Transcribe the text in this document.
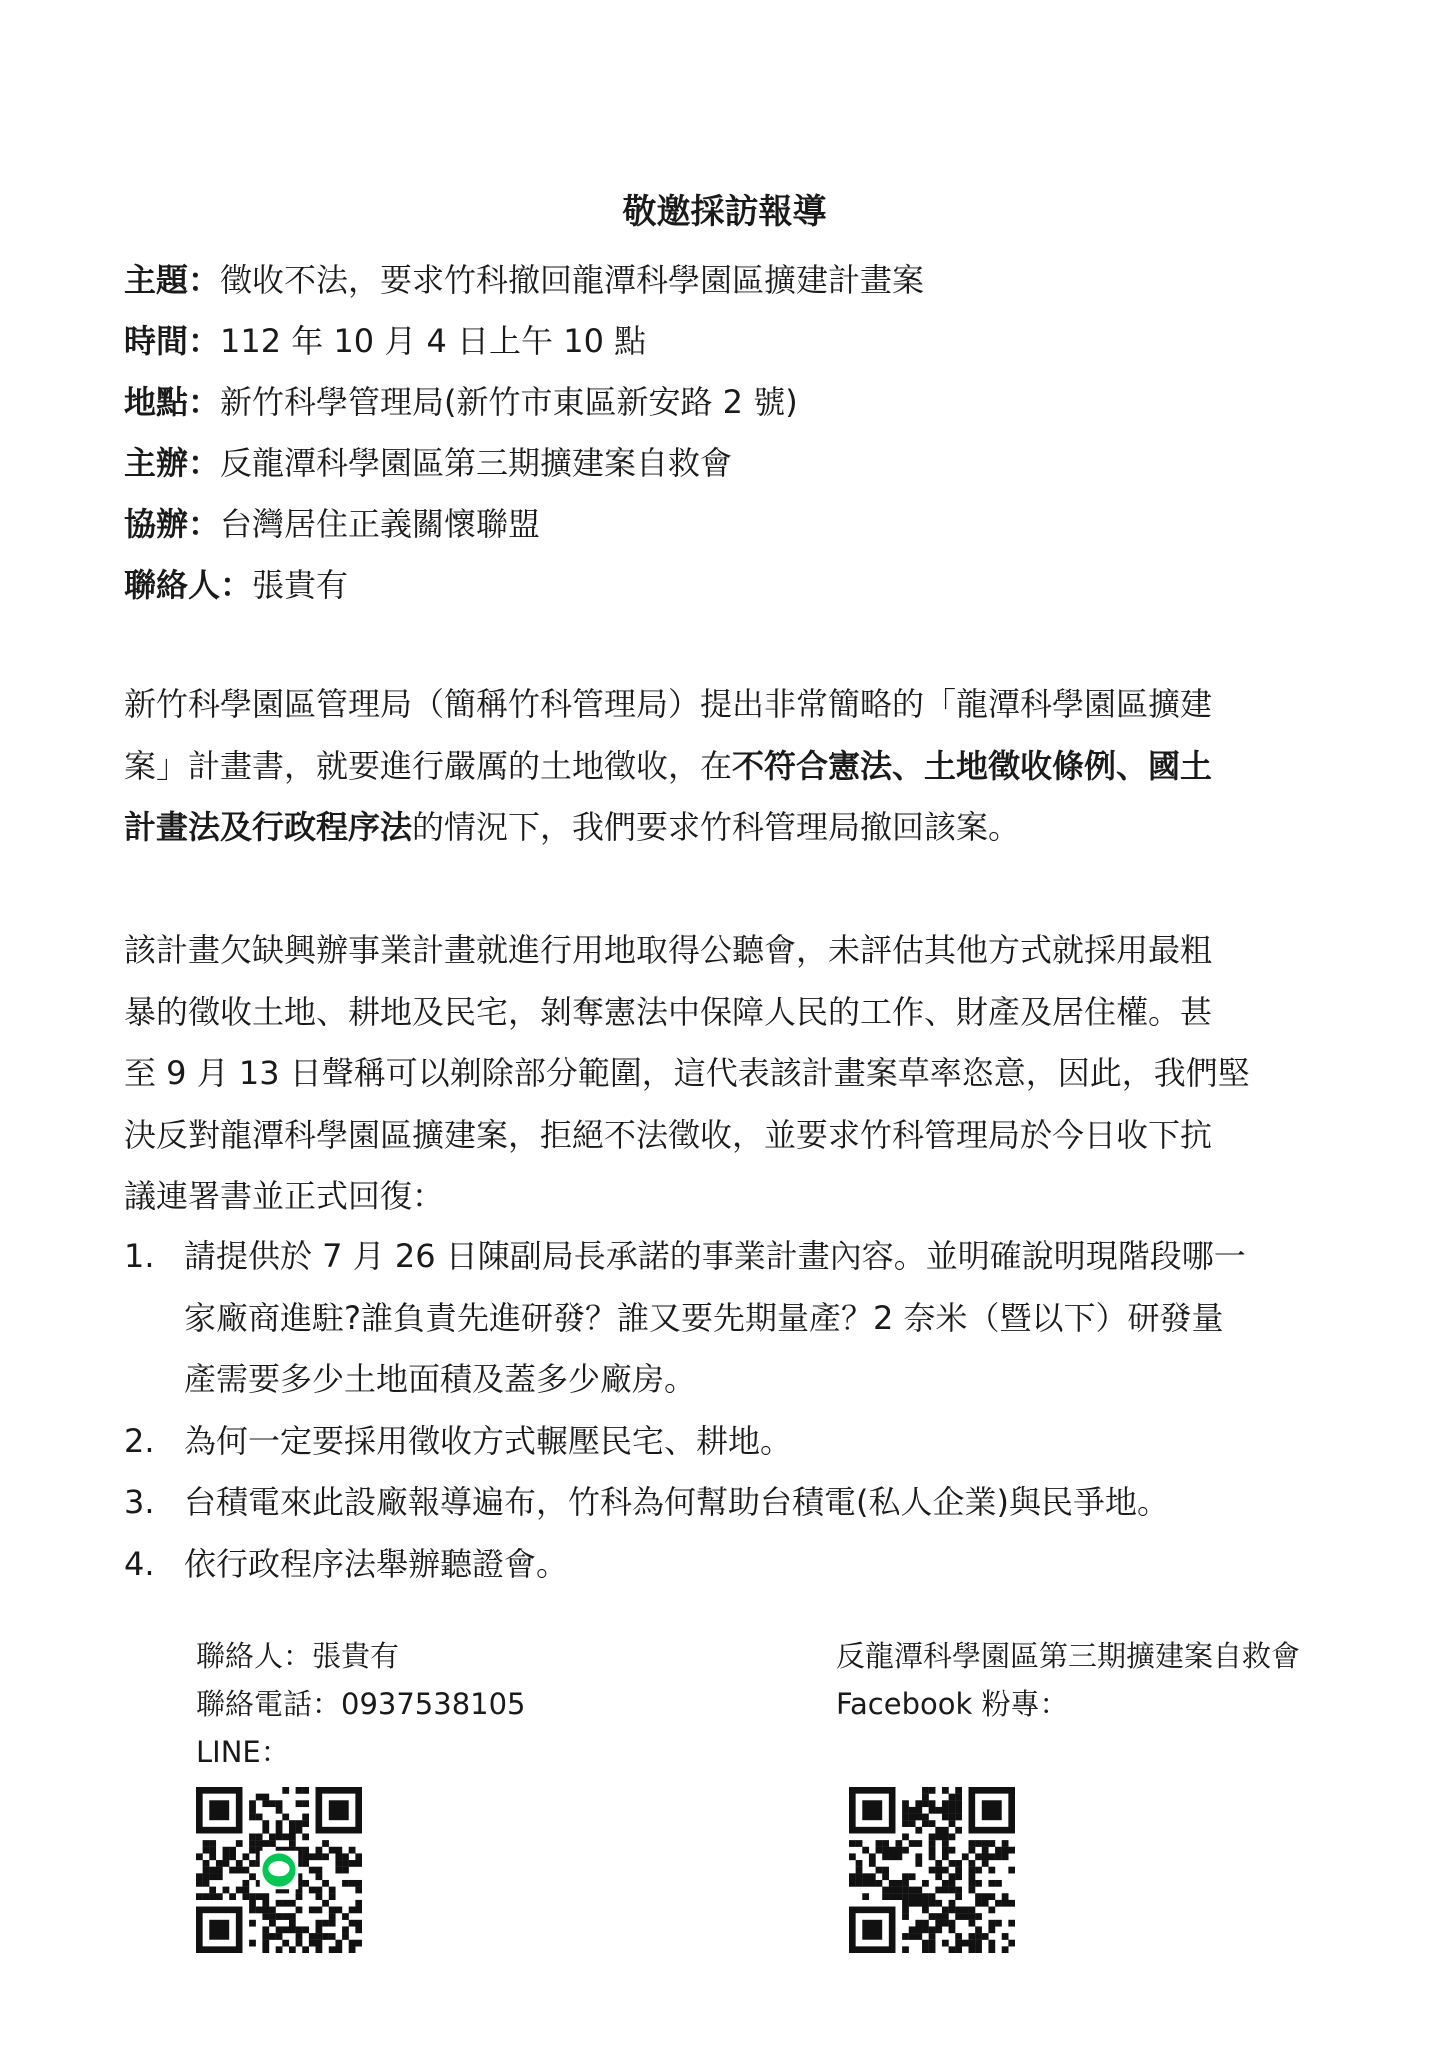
敬邀採訪報導
主題：徵收不法，要求竹科撤回龍潭科學園區擴建計畫案
時間：112 年 10 月 4 日上午 10 點
地點：新竹科學管理局(新竹市東區新安路 2 號)
主辦：反龍潭科學園區第三期擴建案自救會
協辦：台灣居住正義關懷聯盟
聯絡人：張貴有
新竹科學園區管理局（簡稱竹科管理局）提出非常簡略的「龍潭科學園區擴建
案」計畫書，就要進行嚴厲的土地徵收，在不符合憲法、土地徵收條例、國土
計畫法及行政程序法的情況下，我們要求竹科管理局撤回該案。
該計畫欠缺興辦事業計畫就進行用地取得公聽會，未評估其他方式就採用最粗
暴的徵收土地、耕地及民宅，剝奪憲法中保障人民的工作、財產及居住權。甚
至 9 月 13 日聲稱可以剃除部分範圍，這代表該計畫案草率恣意，因此，我們堅
決反對龍潭科學園區擴建案，拒絕不法徵收，並要求竹科管理局於今日收下抗
議連署書並正式回復：
1. 請提供於 7 月 26 日陳副局長承諾的事業計畫內容。並明確說明現階段哪一
家廠商進駐?誰負責先進研發？誰又要先期量產？2 奈米（暨以下）研發量
產需要多少土地面積及蓋多少廠房。
2. 為何一定要採用徵收方式輾壓民宅、耕地。
3. 台積電來此設廠報導遍布，竹科為何幫助台積電(私人企業)與民爭地。
4. 依行政程序法舉辦聽證會。
聯絡人：張貴有
聯絡電話：0937538105
LINE：
反龍潭科學園區第三期擴建案自救會
Facebook 粉專：
